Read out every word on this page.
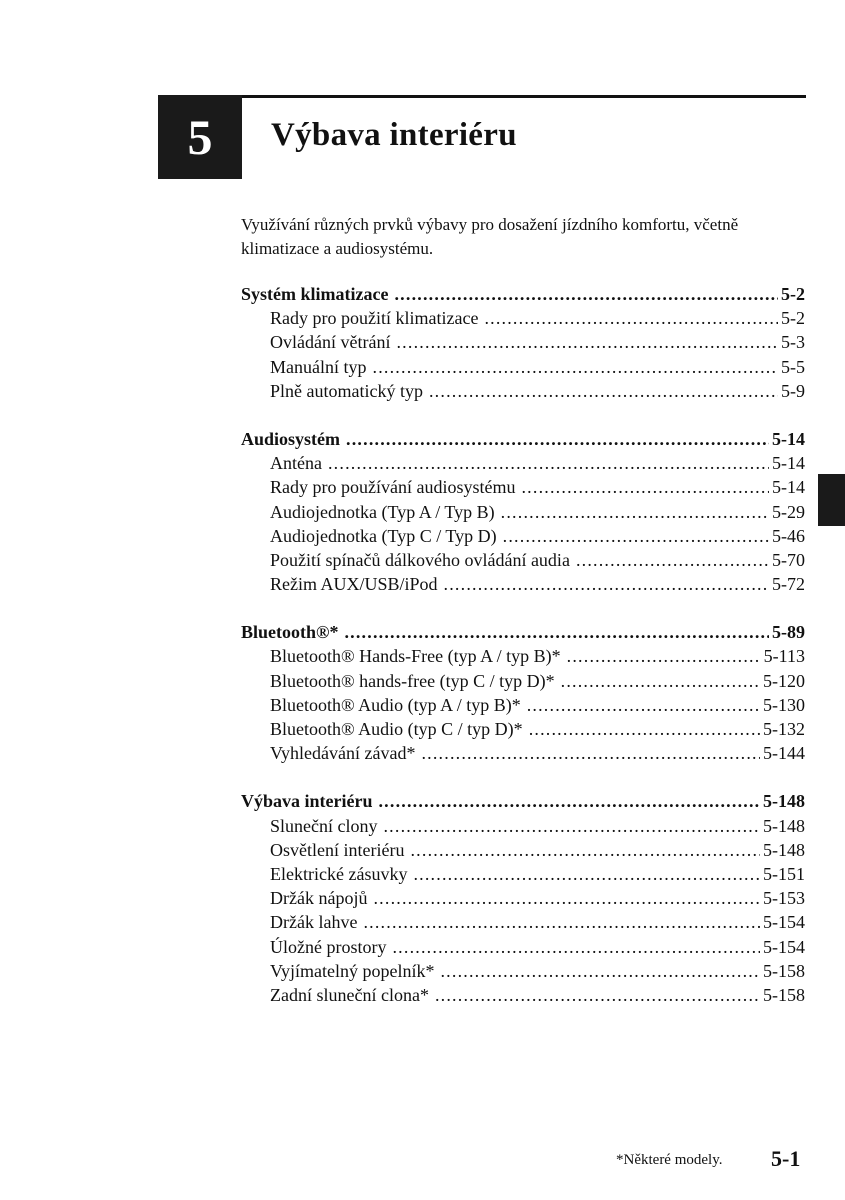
5 Výbava interiéru
Využívání různých prvků výbavy pro dosažení jízdního komfortu, včetně klimatizace a audiosystému.
Systém klimatizace .....	5-2
Rady pro použití klimatizace .....	5-2
Ovládání větrání .....	5-3
Manuální typ .....	5-5
Plně automatický typ .....	5-9
Audiosystém .....	5-14
Anténa .....	5-14
Rady pro používání audiosystému .....	5-14
Audiojednotka (Typ A / Typ B) .....	5-29
Audiojednotka (Typ C / Typ D) .....	5-46
Použití spínačů dálkového ovládání audia .....	5-70
Režim AUX/USB/iPod .....	5-72
Bluetooth®* .....	5-89
Bluetooth® Hands-Free (typ A / typ B)* .....	5-113
Bluetooth® hands-free (typ C / typ D)* .....	5-120
Bluetooth® Audio (typ A / typ B)* .....	5-130
Bluetooth® Audio (typ C / typ D)* .....	5-132
Vyhledávání závad* .....	5-144
Výbava interiéru .....	5-148
Sluneční clony .....	5-148
Osvětlení interiéru .....	5-148
Elektrické zásuvky .....	5-151
Držák nápojů .....	5-153
Držák lahve .....	5-154
Úložné prostory .....	5-154
Vyjímatelný popelník* .....	5-158
Zadní sluneční clona* .....	5-158
*Některé modely. 5-1
